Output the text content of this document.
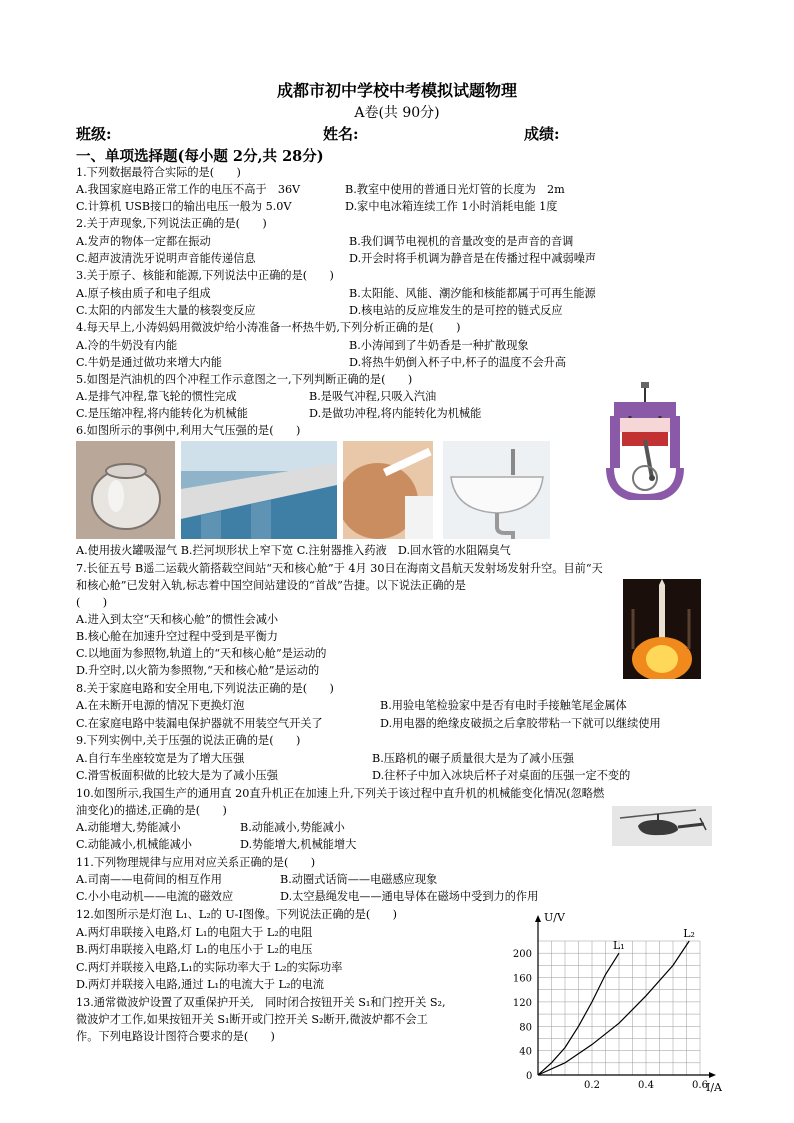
成都市初中学校中考模拟试题物理
A卷(共 90分)
班级:	姓名:	成绩:
一、单项选择题(每小题 2分,共 28分)
1.下列数据最符合实际的是(　　)
A.我国家庭电路正常工作的电压不高于　36V	B.教室中使用的普通日光灯管的长度为　2m
C.计算机 USB接口的输出电压一般为 5.0V	D.家中电冰箱连续工作 1小时消耗电能 1度
2.关于声现象,下列说法正确的是(　　)
A.发声的物体一定都在振动	B.我们调节电视机的音量改变的是声音的音调
C.超声波清洗牙说明声音能传递信息	D.开会时将手机调为静音是在传播过程中减弱噪声
3.关于原子、核能和能源,下列说法中正确的是(　　)
A.原子核由质子和电子组成	B.太阳能、风能、潮汐能和核能都属于可再生能源
C.太阳的内部发生大量的核裂变反应	D.核电站的反应堆发生的是可控的链式反应
4.每天早上,小涛妈妈用微波炉给小涛准备一杯热牛奶,下列分析正确的是(　　)
A.冷的牛奶没有内能	B.小涛闻到了牛奶香是一种扩散现象
C.牛奶是通过做功来增大内能	D.将热牛奶倒入杯子中,杯子的温度不会升高
5.如图是汽油机的四个冲程工作示意图之一,下列判断正确的是(　　)
A.是排气冲程,靠飞轮的惯性完成	B.是吸气冲程,只吸入汽油
C.是压缩冲程,将内能转化为机械能	D.是做功冲程,将内能转化为机械能
6.如图所示的事例中,利用大气压强的是(　　)
A.使用拔火罐吸湿气 B.拦河坝形状上窄下宽 C.注射器推入药液　D.回水管的水阻隔臭气
7.长征五号 B遥二运载火箭搭载空间站“天和核心舱”于 4月 30日在海南文昌航天发射场发射升空。目前“天
和核心舱”已发射入轨,标志着中国空间站建设的“首战”告捷。以下说法正确的是
(　　)
A.进入到太空“天和核心舱”的惯性会减小
B.核心舱在加速升空过程中受到是平衡力
C.以地面为参照物,轨道上的“天和核心舱”是运动的
D.升空时,以火箭为参照物,“天和核心舱”是运动的
8.关于家庭电路和安全用电,下列说法正确的是(　　)
A.在未断开电源的情况下更换灯泡	B.用验电笔检验家中是否有电时手接触笔尾金属体
C.在家庭电路中装漏电保护器就不用装空气开关了	D.用电器的绝缘皮破损之后拿胶带粘一下就可以继续使用
9.下列实例中,关于压强的说法正确的是(　　)
A.自行车坐座较宽是为了增大压强	B.压路机的碾子质量很大是为了减小压强
C.滑雪板面积做的比较大是为了减小压强	D.往杯子中加入冰块后杯子对桌面的压强一定不变的
10.如图所示,我国生产的通用直 20直升机正在加速上升,下列关于该过程中直升机的机械能变化情况(忽略燃
油变化)的描述,正确的是(　　)
A.动能增大,势能减小	B.动能减小,势能减小
C.动能减小,机械能减小	D.势能增大,机械能增大
11.下列物理规律与应用对应关系正确的是(　　)
A.司南——电荷间的相互作用	B.动圈式话筒——电磁感应现象
C.小小电动机——电流的磁效应	D.太空悬绳发电——通电导体在磁场中受到力的作用
12.如图所示是灯泡 L₁、L₂的 U-I图像。下列说法正确的是(　　)
A.两灯串联接入电路,灯 L₁的电阻大于 L₂的电阻
B.两灯串联接入电路,灯 L₁的电压小于 L₂的电压
C.两灯并联接入电路,L₁的实际功率大于 L₂的实际功率
D.两灯并联接入电路,通过 L₁的电流大于 L₂的电流
13.通常微波炉设置了双重保护开关,　同时闭合按钮开关 S₁和门控开关 S₂,
微波炉才工作,如果按钮开关 S₁断开或门控开关 S₂断开,微波炉都不会工
作。下列电路设计图符合要求的是(　　)
U/V
I/A
0
40
80
120
160
200
0.2	0.4	0.6
L₁
L₂
